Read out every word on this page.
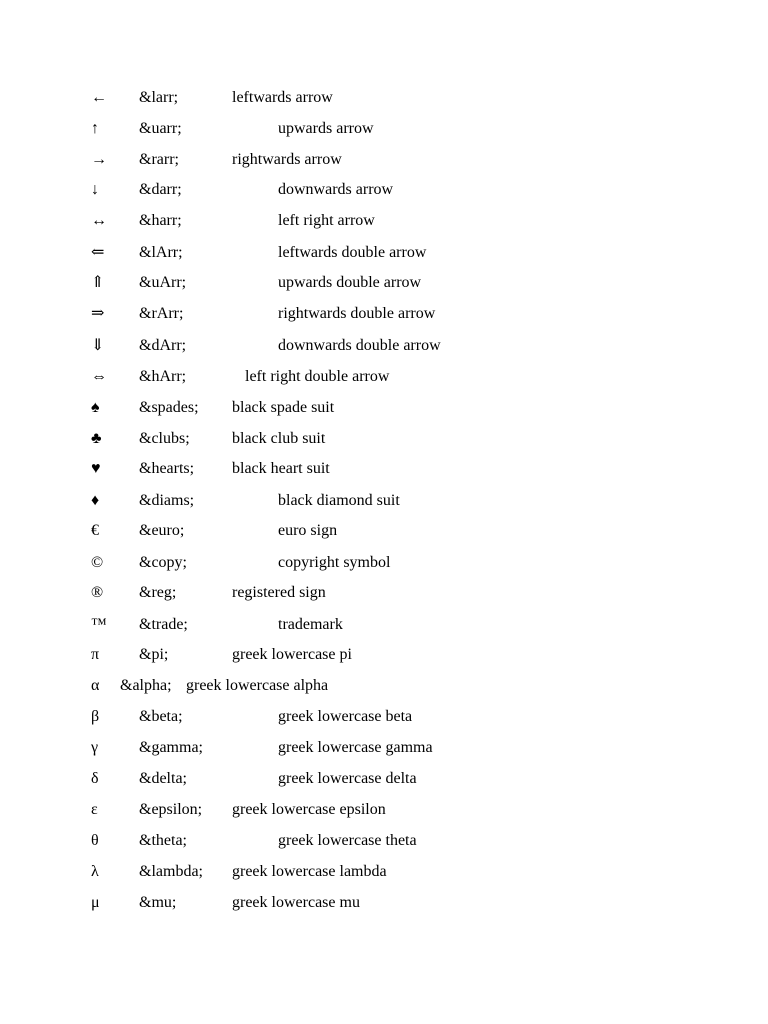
← &larr;	leftwards arrow
↑	&uarr;	upwards arrow
→ &rarr;	rightwards arrow
↓	&darr;	downwards arrow
↔ &harr;	left right arrow
⇐ &lArr;	leftwards double arrow
⇑ &uArr;	upwards double arrow
⇒ &rArr;	rightwards double arrow
⇓ &dArr;	downwards double arrow
⇔ &hArr;	left right double arrow
♠ &spades; black spade suit
♣ &clubs;	black club suit
♥ &hearts; black heart suit
♦ &diams;	black diamond suit
€	&euro;	euro sign
© &copy;	copyright symbol
® &reg;	registered sign
™ &trade;	trademark
π &pi;	greek lowercase pi
α &alpha; greek lowercase alpha
β &beta;	greek lowercase beta
γ	&gamma;	greek lowercase gamma
δ	&delta;	greek lowercase delta
ε	&epsilon; greek lowercase epsilon
θ	&theta;	greek lowercase theta
λ	&lambda; greek lowercase lambda
μ &mu;	greek lowercase mu
